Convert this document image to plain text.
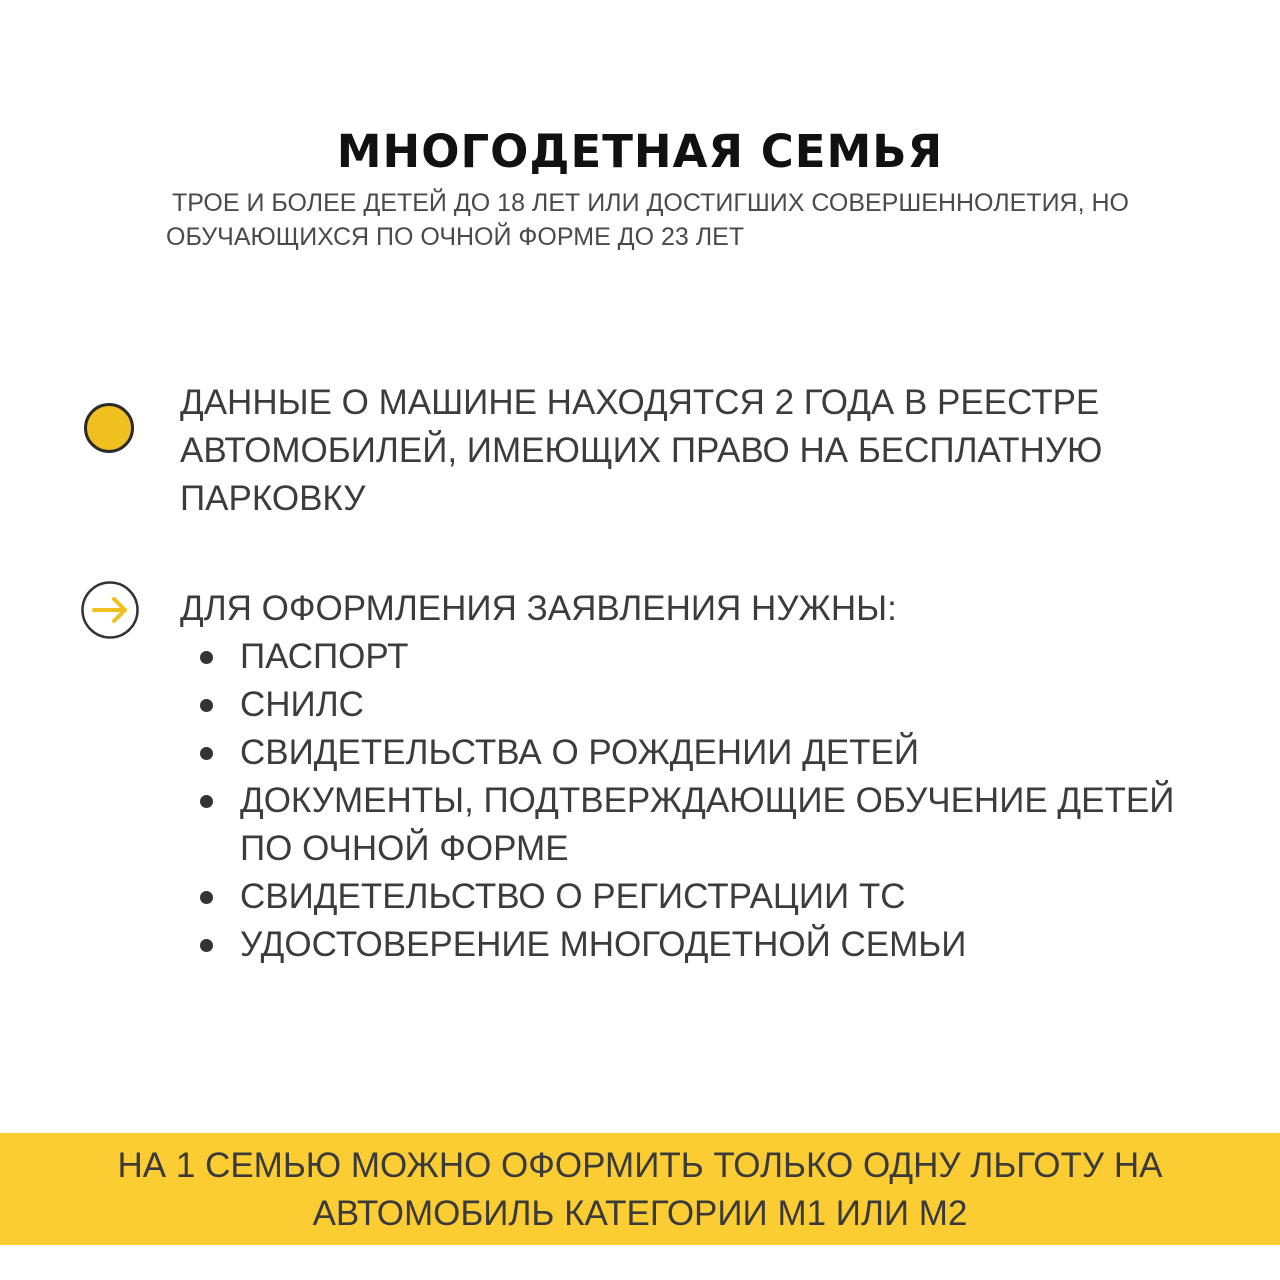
МНОГОДЕТНАЯ СЕМЬЯ

ТРОЕ И БОЛЕЕ ДЕТЕЙ ДО 18 ЛЕТ ИЛИ ДОСТИГШИХ СОВЕРШЕННОЛЕТИЯ, НО
ОБУЧАЮЩИХСЯ ПО ОЧНОЙ ФОРМЕ ДО 23 ЛЕТ

ДАННЫЕ О МАШИНЕ НАХОДЯТСЯ 2 ГОДА В РЕЕСТРЕ
АВТОМОБИЛЕЙ, ИМЕЮЩИХ ПРАВО НА БЕСПЛАТНУЮ
ПАРКОВКУ

ДЛЯ ОФОРМЛЕНИЯ ЗАЯВЛЕНИЯ НУЖНЫ:
ПАСПОРТ
СНИЛС
СВИДЕТЕЛЬСТВА О РОЖДЕНИИ ДЕТЕЙ
ДОКУМЕНТЫ, ПОДТВЕРЖДАЮЩИЕ ОБУЧЕНИЕ ДЕТЕЙ
ПО ОЧНОЙ ФОРМЕ
СВИДЕТЕЛЬСТВО О РЕГИСТРАЦИИ ТС
УДОСТОВЕРЕНИЕ МНОГОДЕТНОЙ СЕМЬИ

НА 1 СЕМЬЮ МОЖНО ОФОРМИТЬ ТОЛЬКО ОДНУ ЛЬГОТУ НА
АВТОМОБИЛЬ КАТЕГОРИИ М1 ИЛИ М2
